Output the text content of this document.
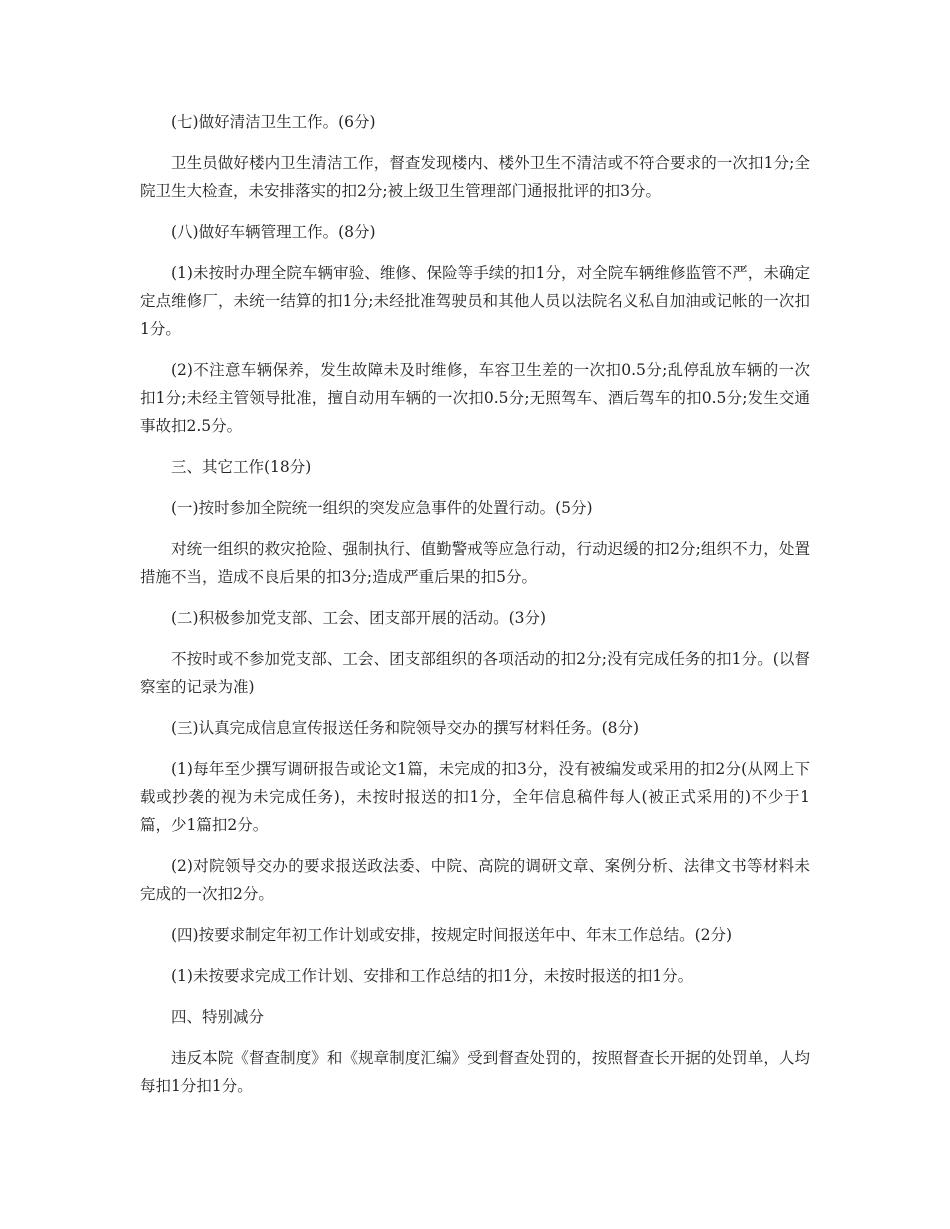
(七)做好清洁卫生工作。(6分)

卫生员做好楼内卫生清洁工作，督查发现楼内、楼外卫生不清洁或不符合要求的一次扣1分;全院卫生大检查，未安排落实的扣2分;被上级卫生管理部门通报批评的扣3分。

(八)做好车辆管理工作。(8分)

(1)未按时办理全院车辆审验、维修、保险等手续的扣1分，对全院车辆维修监管不严，未确定定点维修厂，未统一结算的扣1分;未经批准驾驶员和其他人员以法院名义私自加油或记帐的一次扣1分。

(2)不注意车辆保养，发生故障未及时维修，车容卫生差的一次扣0.5分;乱停乱放车辆的一次扣1分;未经主管领导批准，擅自动用车辆的一次扣0.5分;无照驾车、酒后驾车的扣0.5分;发生交通事故扣2.5分。

三、其它工作(18分)

(一)按时参加全院统一组织的突发应急事件的处置行动。(5分)

对统一组织的救灾抢险、强制执行、值勤警戒等应急行动，行动迟缓的扣2分;组织不力，处置措施不当，造成不良后果的扣3分;造成严重后果的扣5分。

(二)积极参加党支部、工会、团支部开展的活动。(3分)

不按时或不参加党支部、工会、团支部组织的各项活动的扣2分;没有完成任务的扣1分。(以督察室的记录为准)

(三)认真完成信息宣传报送任务和院领导交办的撰写材料任务。(8分)

(1)每年至少撰写调研报告或论文1篇，未完成的扣3分，没有被编发或采用的扣2分(从网上下载或抄袭的视为未完成任务)，未按时报送的扣1分，全年信息稿件每人(被正式采用的)不少于1篇，少1篇扣2分。

(2)对院领导交办的要求报送政法委、中院、高院的调研文章、案例分析、法律文书等材料未完成的一次扣2分。

(四)按要求制定年初工作计划或安排，按规定时间报送年中、年末工作总结。(2分)

(1)未按要求完成工作计划、安排和工作总结的扣1分，未按时报送的扣1分。

四、特别减分

违反本院《督查制度》和《规章制度汇编》受到督查处罚的，按照督查长开据的处罚单，人均每扣1分扣1分。
